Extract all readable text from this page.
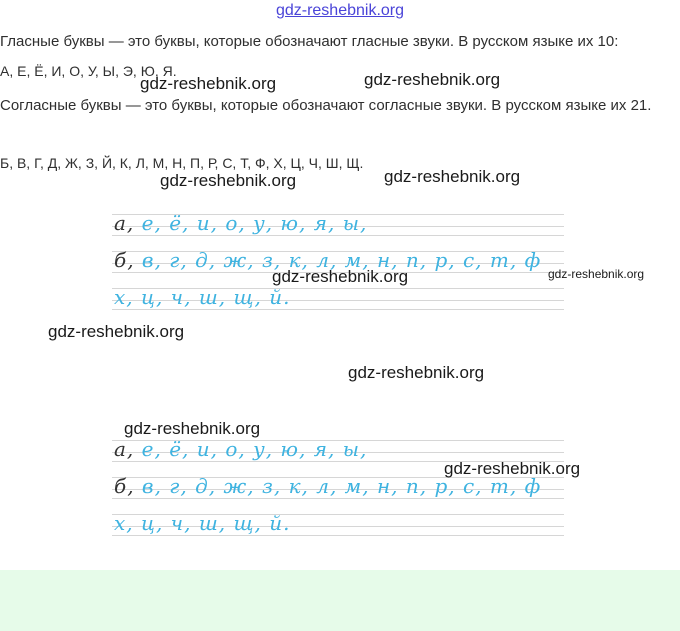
gdz-reshebnik.org

Гласные буквы — это буквы, которые обозначают гласные звуки. В русском языке их 10:

А, Е, Ё, И, О, У, Ы, Э, Ю, Я.

Согласные буквы — это буквы, которые обозначают согласные звуки. В русском языке их 21.

Б, В, Г, Д, Ж, З, Й, К, Л, М, Н, П, Р, С, Т, Ф, Х, Ц, Ч, Ш, Щ.

а, е, ё, и, о, у, ю, я, ы,
б, в, г, д, ж, з, к, л, м, н, п, р, с, т, ф
х, ц, ч, ш, щ, й.
а, е, ё, и, о, у, ю, я, ы,
б, в, г, д, ж, з, к, л, м, н, п, р, с, т, ф
х, ц, ч, ш, щ, й.
gdz-reshebnik.org	gdz-reshebnik.org
gdz-reshebnik.org	gdz-reshebnik.org
gdz-reshebnik.org	gdz-reshebnik.org
gdz-reshebnik.org
gdz-reshebnik.org
gdz-reshebnik.org
gdz-reshebnik.org
